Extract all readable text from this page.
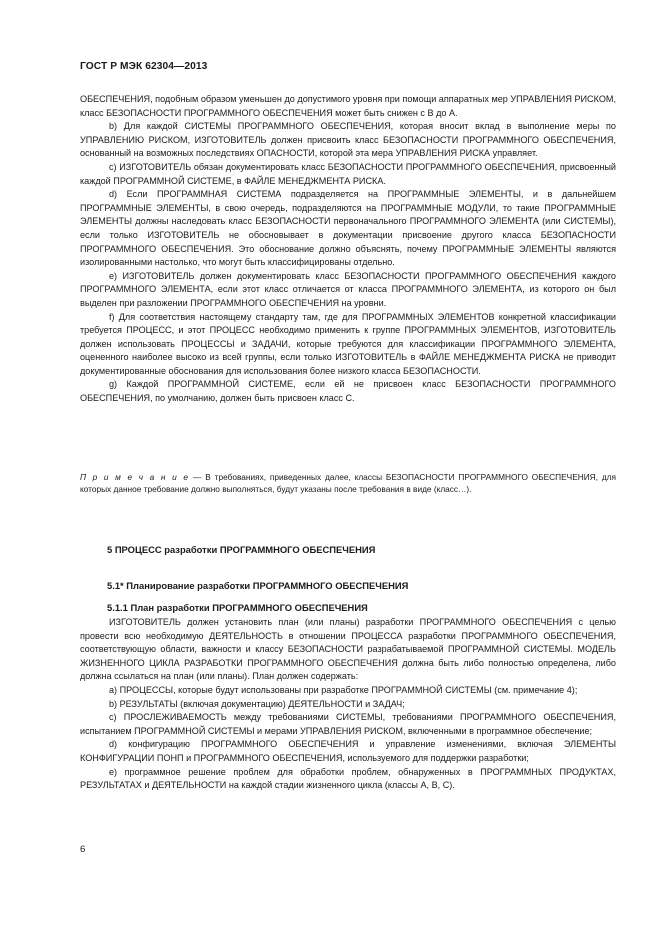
ГОСТ Р МЭК 62304—2013

ОБЕСПЕЧЕНИЯ, подобным образом уменьшен до допустимого уровня при помощи аппаратных мер УПРАВЛЕНИЯ РИСКОМ, класс БЕЗОПАСНОСТИ ПРОГРАММНОГО ОБЕСПЕЧЕНИЯ может быть снижен с B до A.

b) Для каждой СИСТЕМЫ ПРОГРАММНОГО ОБЕСПЕЧЕНИЯ, которая вносит вклад в выполнение меры по УПРАВЛЕНИЮ РИСКОМ, ИЗГОТОВИТЕЛЬ должен присвоить класс БЕЗОПАСНОСТИ ПРОГРАММНОГО ОБЕСПЕЧЕНИЯ, основанный на возможных последствиях ОПАСНОСТИ, которой эта мера УПРАВЛЕНИЯ РИСКА управляет.

c) ИЗГОТОВИТЕЛЬ обязан документировать класс БЕЗОПАСНОСТИ ПРОГРАММНОГО ОБЕСПЕЧЕНИЯ, присвоенный каждой ПРОГРАММНОЙ СИСТЕМЕ, в ФАЙЛЕ МЕНЕДЖМЕНТА РИСКА.

d) Если ПРОГРАММНАЯ СИСТЕМА подразделяется на ПРОГРАММНЫЕ ЭЛЕМЕНТЫ, и в дальнейшем ПРОГРАММНЫЕ ЭЛЕМЕНТЫ, в свою очередь, подразделяются на ПРОГРАММНЫЕ МОДУЛИ, то такие ПРОГРАММНЫЕ ЭЛЕМЕНТЫ должны наследовать класс БЕЗОПАСНОСТИ первоначального ПРОГРАММНОГО ЭЛЕМЕНТА (или СИСТЕМЫ), если только ИЗГОТОВИТЕЛЬ не обосновывает в документации присвоение другого класса БЕЗОПАСНОСТИ ПРОГРАММНОГО ОБЕСПЕЧЕНИЯ. Это обоснование должно объяснять, почему ПРОГРАММНЫЕ ЭЛЕМЕНТЫ являются изолированными настолько, что могут быть классифицированы отдельно.

e) ИЗГОТОВИТЕЛЬ должен документировать класс БЕЗОПАСНОСТИ ПРОГРАММНОГО ОБЕСПЕЧЕНИЯ каждого ПРОГРАММНОГО ЭЛЕМЕНТА, если этот класс отличается от класса ПРОГРАММНОГО ЭЛЕМЕНТА, из которого он был выделен при разложении ПРОГРАММНОГО ОБЕСПЕЧЕНИЯ на уровни.

f) Для соответствия настоящему стандарту там, где для ПРОГРАММНЫХ ЭЛЕМЕНТОВ конкретной классификации требуется ПРОЦЕСС, и этот ПРОЦЕСС необходимо применить к группе ПРОГРАММНЫХ ЭЛЕМЕНТОВ, ИЗГОТОВИТЕЛЬ должен использовать ПРОЦЕССЫ и ЗАДАЧИ, которые требуются для классификации ПРОГРАММНОГО ЭЛЕМЕНТА, оцененного наиболее высоко из всей группы, если только ИЗГОТОВИТЕЛЬ в ФАЙЛЕ МЕНЕДЖМЕНТА РИСКА не приводит документированные обоснования для использования более низкого класса БЕЗОПАСНОСТИ.

g) Каждой ПРОГРАММНОЙ СИСТЕМЕ, если ей не присвоен класс БЕЗОПАСНОСТИ ПРОГРАММНОГО ОБЕСПЕЧЕНИЯ, по умолчанию, должен быть присвоен класс C.

П р и м е ч а н и е — В требованиях, приведенных далее, классы БЕЗОПАСНОСТИ ПРОГРАММНОГО ОБЕСПЕЧЕНИЯ, для которых данное требование должно выполняться, будут указаны после требования в виде (класс…).

5 ПРОЦЕСС разработки ПРОГРАММНОГО ОБЕСПЕЧЕНИЯ
5.1* Планирование разработки ПРОГРАММНОГО ОБЕСПЕЧЕНИЯ
5.1.1 План разработки ПРОГРАММНОГО ОБЕСПЕЧЕНИЯ

ИЗГОТОВИТЕЛЬ должен установить план (или планы) разработки ПРОГРАММНОГО ОБЕСПЕЧЕНИЯ с целью провести всю необходимую ДЕЯТЕЛЬНОСТЬ в отношении ПРОЦЕССА разработки ПРОГРАММНОГО ОБЕСПЕЧЕНИЯ, соответствующую области, важности и классу БЕЗОПАСНОСТИ разрабатываемой ПРОГРАММНОЙ СИСТЕМЫ. МОДЕЛЬ ЖИЗНЕННОГО ЦИКЛА РАЗРАБОТКИ ПРОГРАММНОГО ОБЕСПЕЧЕНИЯ должна быть либо полностью определена, либо должна ссылаться на план (или планы). План должен содержать:

a) ПРОЦЕССЫ, которые будут использованы при разработке ПРОГРАММНОЙ СИСТЕМЫ (см. примечание 4);

b) РЕЗУЛЬТАТЫ (включая документацию) ДЕЯТЕЛЬНОСТИ и ЗАДАЧ;

c) ПРОСЛЕЖИВАЕМОСТЬ между требованиями СИСТЕМЫ, требованиями ПРОГРАММНОГО ОБЕСПЕЧЕНИЯ, испытанием ПРОГРАММНОЙ СИСТЕМЫ и мерами УПРАВЛЕНИЯ РИСКОМ, включенными в программное обеспечение;

d) конфигурацию ПРОГРАММНОГО ОБЕСПЕЧЕНИЯ и управление изменениями, включая ЭЛЕМЕНТЫ КОНФИГУРАЦИИ ПОНП и ПРОГРАММНОГО ОБЕСПЕЧЕНИЯ, используемого для поддержки разработки;

e) программное решение проблем для обработки проблем, обнаруженных в ПРОГРАММНЫХ ПРОДУКТАХ, РЕЗУЛЬТАТАХ и ДЕЯТЕЛЬНОСТИ на каждой стадии жизненного цикла (классы A, B, C).

6
